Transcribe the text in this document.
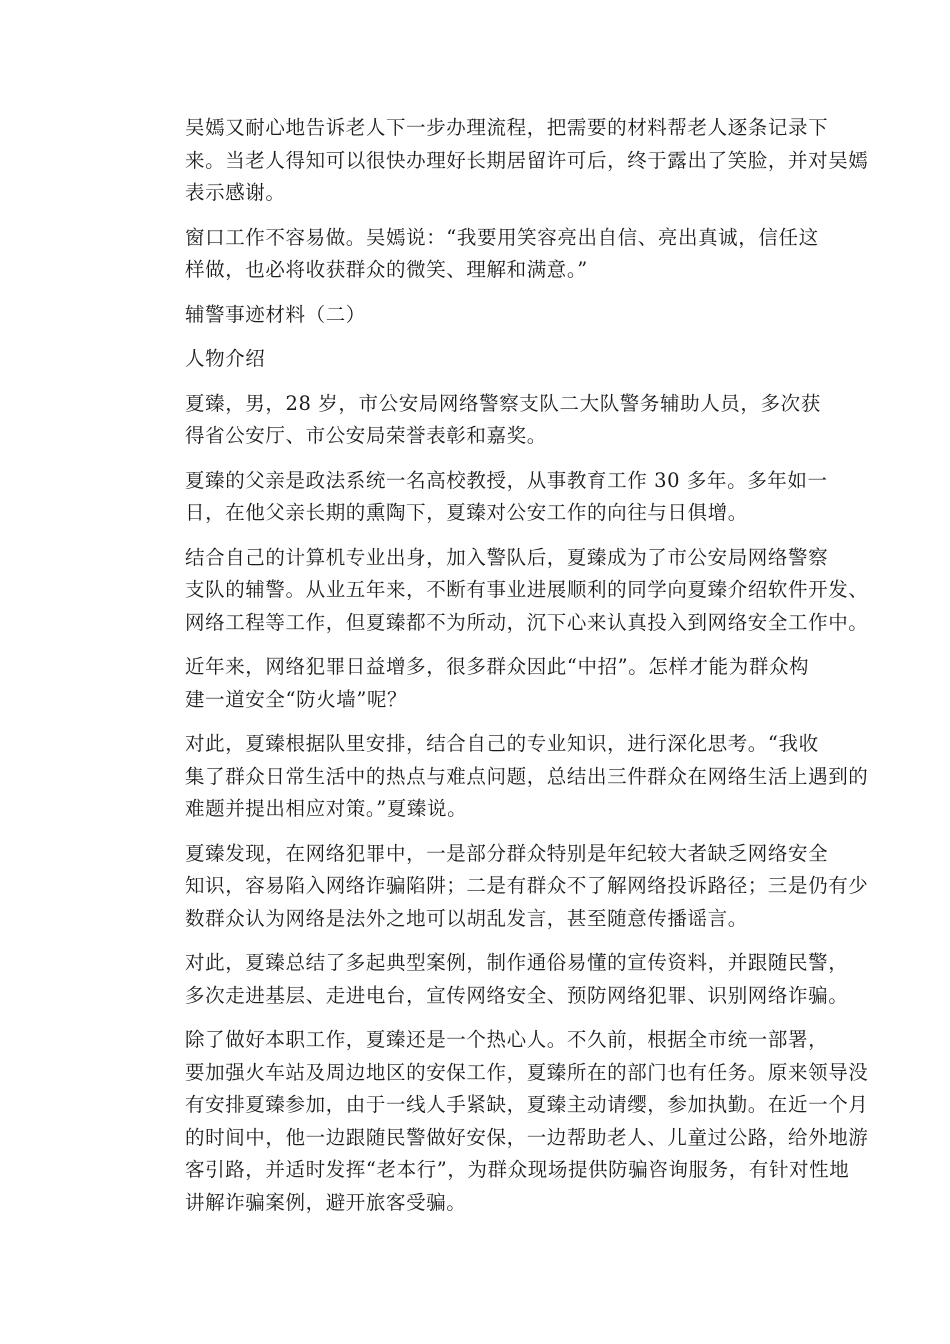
吴嫣又耐心地告诉老人下一步办理流程，把需要的材料帮老人逐条记录下
来。当老人得知可以很快办理好长期居留许可后，终于露出了笑脸，并对吴嫣
表示感谢。

窗口工作不容易做。吴嫣说：“我要用笑容亮出自信、亮出真诚，信任这
样做，也必将收获群众的微笑、理解和满意。”

辅警事迹材料（二）

人物介绍

夏臻，男，28 岁，市公安局网络警察支队二大队警务辅助人员，多次获
得省公安厅、市公安局荣誉表彰和嘉奖。

夏臻的父亲是政法系统一名高校教授，从事教育工作 30 多年。多年如一
日，在他父亲长期的熏陶下，夏臻对公安工作的向往与日俱增。

结合自己的计算机专业出身，加入警队后，夏臻成为了市公安局网络警察
支队的辅警。从业五年来，不断有事业进展顺利的同学向夏臻介绍软件开发、
网络工程等工作，但夏臻都不为所动，沉下心来认真投入到网络安全工作中。

近年来，网络犯罪日益增多，很多群众因此“中招”。怎样才能为群众构
建一道安全“防火墙”呢？

对此，夏臻根据队里安排，结合自己的专业知识，进行深化思考。“我收
集了群众日常生活中的热点与难点问题，总结出三件群众在网络生活上遇到的
难题并提出相应对策。”夏臻说。

夏臻发现，在网络犯罪中，一是部分群众特别是年纪较大者缺乏网络安全
知识，容易陷入网络诈骗陷阱；二是有群众不了解网络投诉路径；三是仍有少
数群众认为网络是法外之地可以胡乱发言，甚至随意传播谣言。

对此，夏臻总结了多起典型案例，制作通俗易懂的宣传资料，并跟随民警，
多次走进基层、走进电台，宣传网络安全、预防网络犯罪、识别网络诈骗。

除了做好本职工作，夏臻还是一个热心人。不久前，根据全市统一部署，
要加强火车站及周边地区的安保工作，夏臻所在的部门也有任务。原来领导没
有安排夏臻参加，由于一线人手紧缺，夏臻主动请缨，参加执勤。在近一个月
的时间中，他一边跟随民警做好安保，一边帮助老人、儿童过公路，给外地游
客引路，并适时发挥“老本行”，为群众现场提供防骗咨询服务，有针对性地
讲解诈骗案例，避开旅客受骗。
